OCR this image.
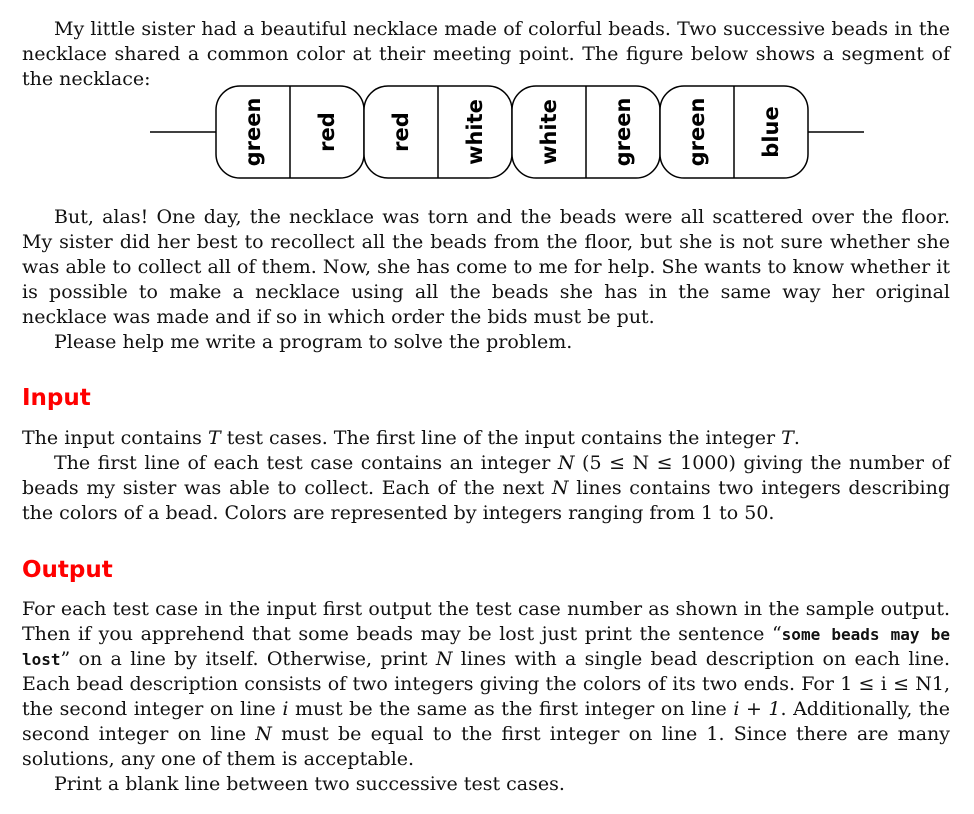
My little sister had a beautiful necklace made of colorful beads. Two successive beads in the necklace shared a common color at their meeting point. The figure below shows a segment of the necklace:

green red red white white green green blue

But, alas! One day, the necklace was torn and the beads were all scattered over the floor. My sister did her best to recollect all the beads from the floor, but she is not sure whether she was able to collect all of them. Now, she has come to me for help. She wants to know whether it is possible to make a necklace using all the beads she has in the same way her original necklace was made and if so in which order the bids must be put.

Please help me write a program to solve the problem.

Input

The input contains T test cases. The first line of the input contains the integer T.

The first line of each test case contains an integer N (5 ≤ N ≤ 1000) giving the number of beads my sister was able to collect. Each of the next N lines contains two integers describing the colors of a bead. Colors are represented by integers ranging from 1 to 50.

Output

For each test case in the input first output the test case number as shown in the sample output. Then if you apprehend that some beads may be lost just print the sentence “some beads may be lost” on a line by itself. Otherwise, print N lines with a single bead description on each line. Each bead description consists of two integers giving the colors of its two ends. For 1 ≤ i ≤ N1, the second integer on line i must be the same as the first integer on line i + 1. Additionally, the second integer on line N must be equal to the first integer on line 1. Since there are many solutions, any one of them is acceptable.

Print a blank line between two successive test cases.
